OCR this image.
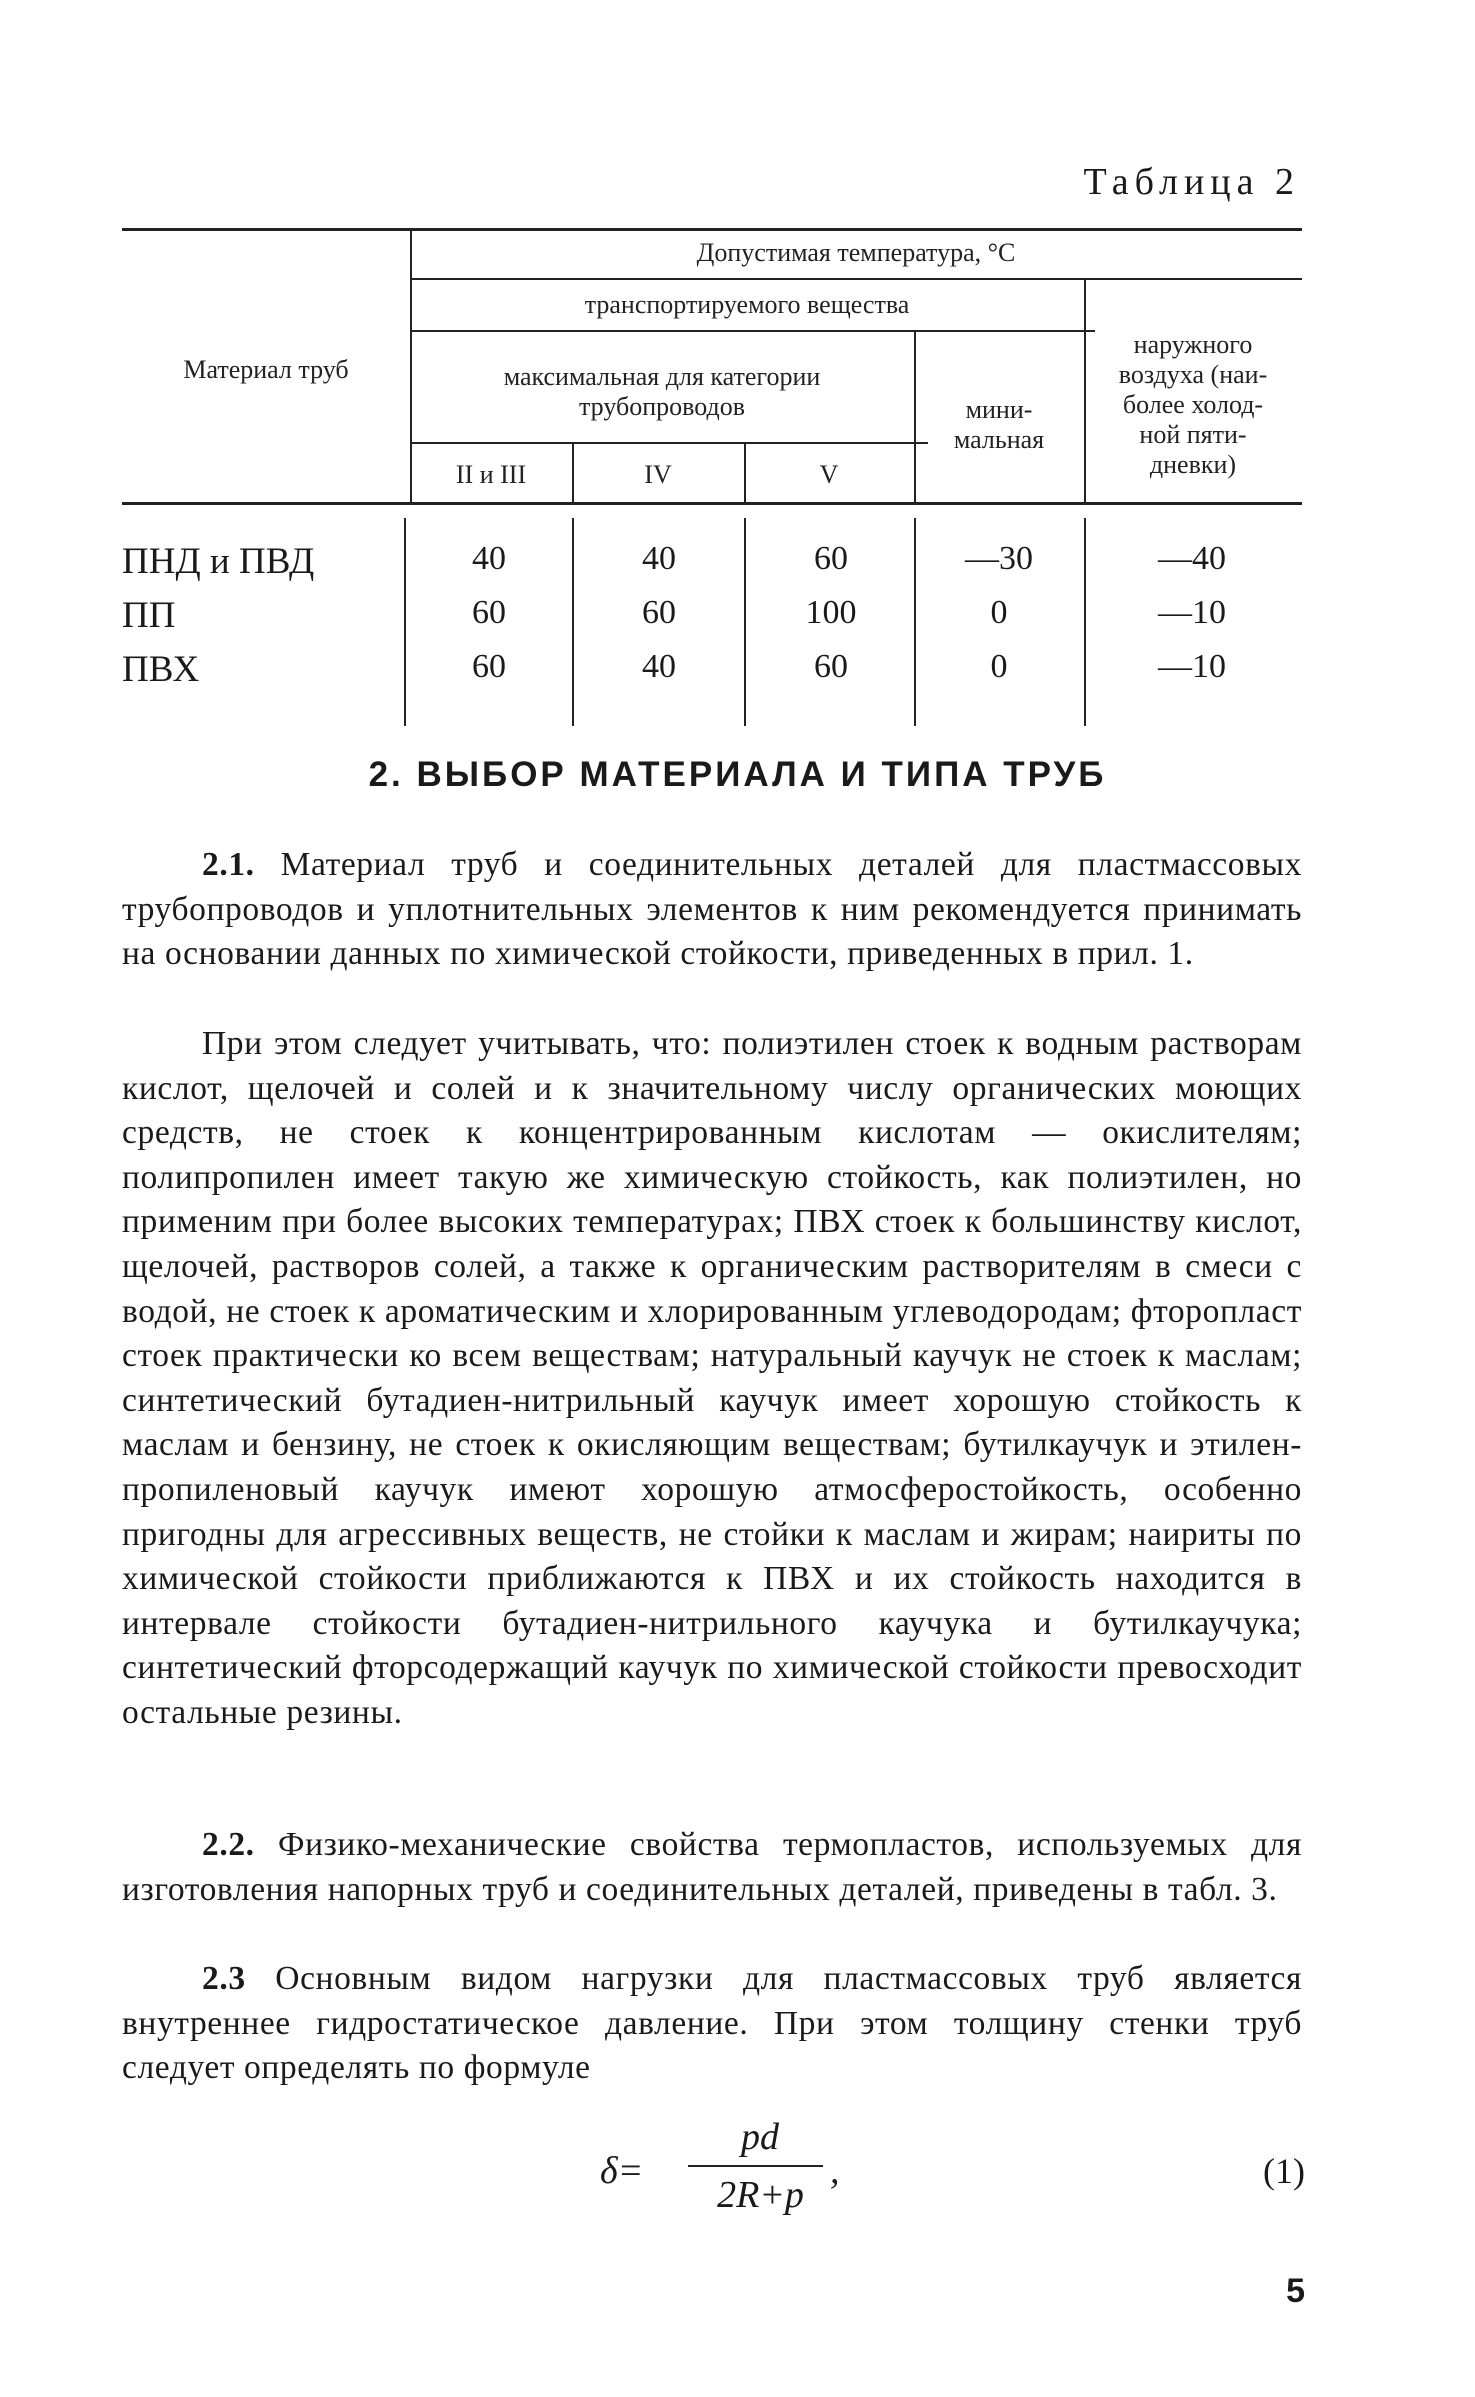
Таблица 2
Материал труб
Допустимая температура, °С
транспортируемого вещества
максимальная для категории
трубопроводов
II и III	IV	V
мини-
мальная
наружного
воздуха (наи-
более холод-
ной пяти-
дневки)
ПНД и ПВД	40	40	60	—30	—40
ПП	60	60	100	0	—10
ПВХ	60	40	60	0	—10
2. ВЫБОР МАТЕРИАЛА И ТИПА ТРУБ
2.1. Материал труб и соединительных деталей для пластмассовых трубопроводов и уплотнительных элементов к ним рекомендуется принимать на основании данных по химической стойкости, приведенных в прил. 1.
При этом следует учитывать, что: полиэтилен стоек к водным растворам кислот, щелочей и солей и к значительному числу органических моющих средств, не стоек к концентрированным кислотам — окислителям; полипропилен имеет такую же химическую стойкость, как полиэтилен, но применим при более высоких температурах; ПВХ стоек к большинству кислот, щелочей, растворов солей, а также к органическим растворителям в смеси с водой, не стоек к ароматическим и хлорированным углеводородам; фторопласт стоек практически ко всем веществам; натуральный каучук не стоек к маслам; синтетический бутадиен-нитрильный каучук имеет хорошую стойкость к маслам и бензину, не стоек к окисляющим веществам; бутилкаучук и этилен-пропиленовый каучук имеют хорошую атмосферостойкость, особенно пригодны для агрессивных веществ, не стойки к маслам и жирам; наириты по химической стойкости приближаются к ПВХ и их стойкость находится в интервале стойкости бутадиен-нитрильного каучука и бутилкаучука; синтетический фторсодержащий каучук по химической стойкости превосходит остальные резины.
2.2. Физико-механические свойства термопластов, используемых для изготовления напорных труб и соединительных деталей, приведены в табл. 3.
2.3 Основным видом нагрузки для пластмассовых труб является внутреннее гидростатическое давление. При этом толщину стенки труб следует определять по формуле
δ=
pd
2R+p
,	(1)
5
